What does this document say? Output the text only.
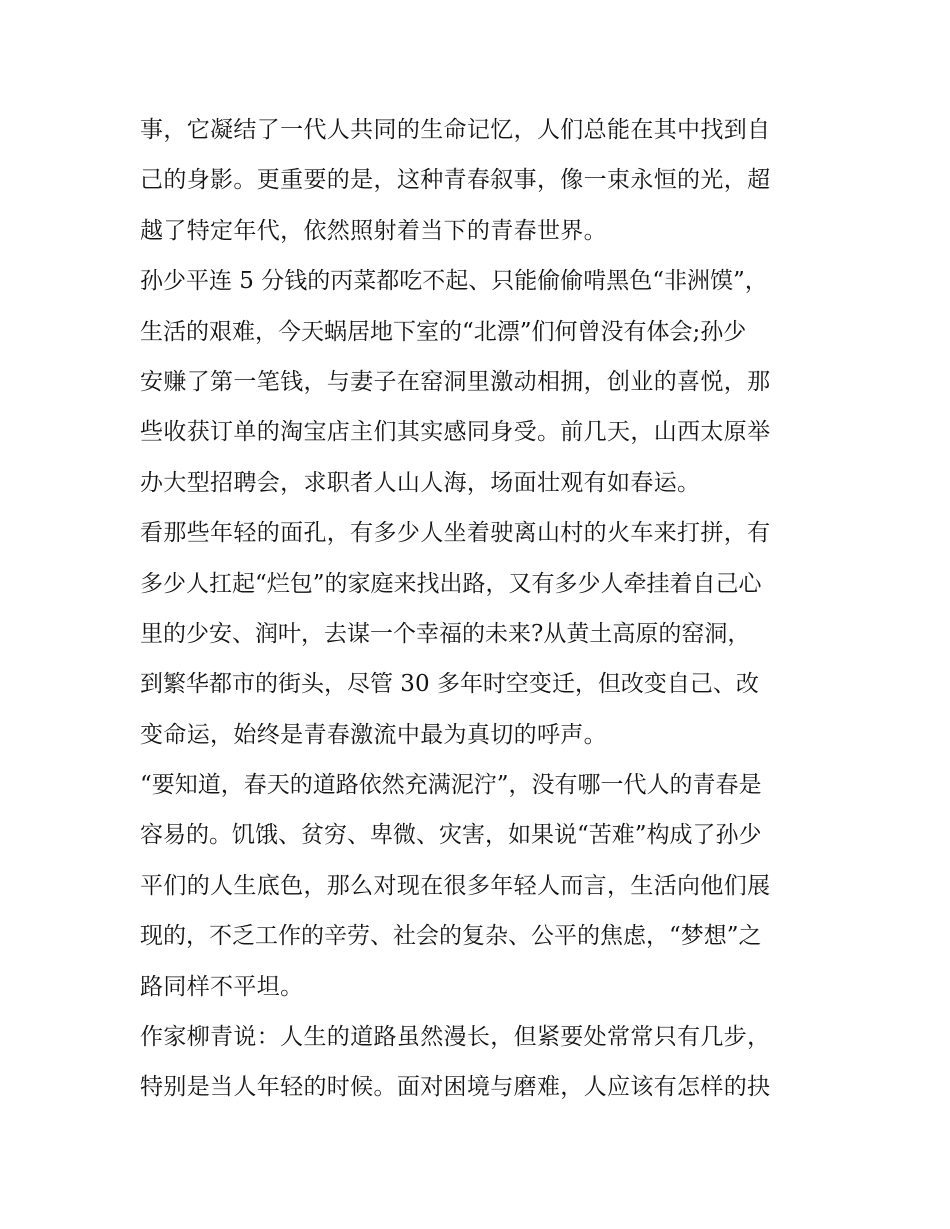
事，它凝结了一代人共同的生命记忆，人们总能在其中找到自
己的身影。更重要的是，这种青春叙事，像一束永恒的光，超
越了特定年代，依然照射着当下的青春世界。
孙少平连 5 分钱的丙菜都吃不起、只能偷偷啃黑色“非洲馍”，
生活的艰难，今天蜗居地下室的“北漂”们何曾没有体会;孙少
安赚了第一笔钱，与妻子在窑洞里激动相拥，创业的喜悦，那
些收获订单的淘宝店主们其实感同身受。前几天，山西太原举
办大型招聘会，求职者人山人海，场面壮观有如春运。
看那些年轻的面孔，有多少人坐着驶离山村的火车来打拼，有
多少人扛起“烂包”的家庭来找出路，又有多少人牵挂着自己心
里的少安、润叶，去谋一个幸福的未来?从黄土高原的窑洞，
到繁华都市的街头，尽管 30 多年时空变迁，但改变自己、改
变命运，始终是青春激流中最为真切的呼声。
“要知道，春天的道路依然充满泥泞”，没有哪一代人的青春是
容易的。饥饿、贫穷、卑微、灾害，如果说“苦难”构成了孙少
平们的人生底色，那么对现在很多年轻人而言，生活向他们展
现的，不乏工作的辛劳、社会的复杂、公平的焦虑，“梦想”之
路同样不平坦。
作家柳青说：人生的道路虽然漫长，但紧要处常常只有几步，
特别是当人年轻的时候。面对困境与磨难，人应该有怎样的抉
